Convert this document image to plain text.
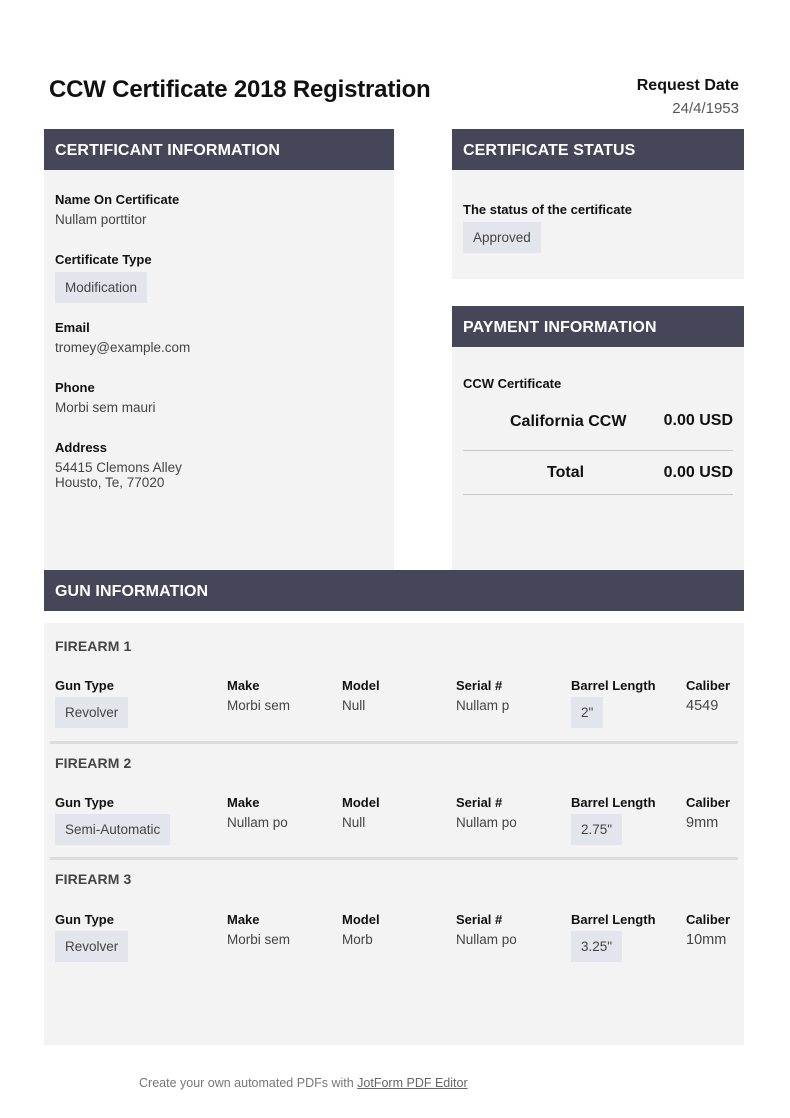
CCW Certificate 2018 Registration	Request Date
24/4/1953
CERTIFICANT INFORMATION
Name On Certificate
Nullam porttitor
Certificate Type
Modification
Email
tromey@example.com
Phone
Morbi sem mauri
Address
54415 Clemons Alley
Housto, Te, 77020
CERTIFICATE STATUS
The status of the certificate
Approved
PAYMENT INFORMATION
CCW Certificate
California CCW 0.00 USD
Total	0.00 USD
GUN INFORMATION
FIREARM 1
Gun Type
Revolver
Make
Morbi sem
Model
Null
Serial #
Nullam p
Barrel Length
2"
Caliber
4549
FIREARM 2
Gun Type
Semi-Automatic
Make
Nullam po
Model
Null
Serial #
Nullam po
Barrel Length
2.75"
Caliber
9mm
FIREARM 3
Gun Type
Revolver
Make
Morbi sem
Model
Morb
Serial #
Nullam po
Barrel Length
3.25"
Caliber
10mm
Create your own automated PDFs with JotForm PDF Editor
